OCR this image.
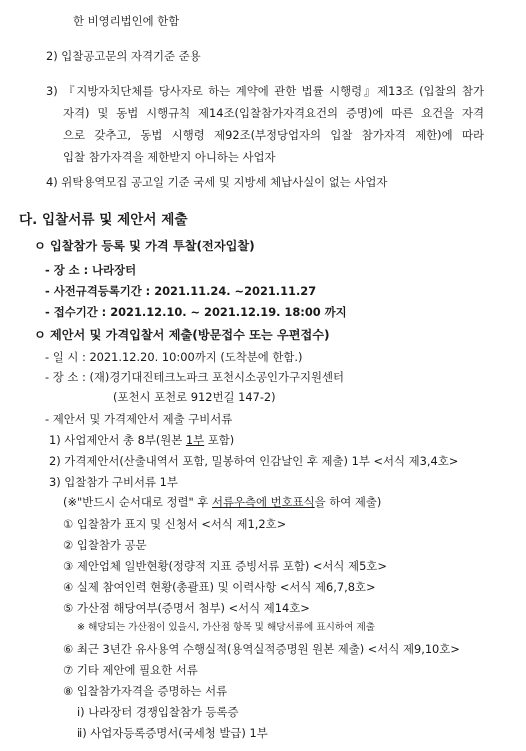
한 비영리법인에 한함
2) 입찰공고문의 자격기준 준용
3) 『지방자치단체를 당사자로 하는 계약에 관한 법률 시행령』제13조 (입찰의 참가
자격) 및 동법 시행규칙 제14조(입찰참가자격요건의 증명)에 따른 요건을 자격
으로 갖추고, 동법 시행령 제92조(부정당업자의 입찰 참가자격 제한)에 따라
입찰 참가자격을 제한받지 아니하는 사업자
4) 위탁용역모집 공고일 기준 국세 및 지방세 체납사실이 없는 사업자
다. 입찰서류 및 제안서 제출
ㅇ 입찰참가 등록 및 가격 투찰(전자입찰)
- 장 소 : 나라장터
- 사전규격등록기간 : 2021.11.24. ~2021.11.27
- 접수기간 : 2021.12.10. ~ 2021.12.19. 18:00 까지
ㅇ 제안서 및 가격입찰서 제출(방문접수 또는 우편접수)
- 일 시 : 2021.12.20. 10:00까지 (도착분에 한함.)
- 장 소 : (재)경기대진테크노파크 포천시소공인가구지원센터
(포천시 포천로 912번길 147-2)
- 제안서 및 가격제안서 제출 구비서류
1) 사업제안서 총 8부(원본 1부 포함)
2) 가격제안서(산출내역서 포함, 밀봉하여 인감날인 후 제출) 1부 <서식 제3,4호>
3) 입찰참가 구비서류 1부
(※"반드시 순서대로 정렬" 후 서류우측에 번호표식을 하여 제출)
① 입찰참가 표지 및 신청서 <서식 제1,2호>
② 입찰참가 공문
③ 제안업체 일반현황(정량적 지표 증빙서류 포함) <서식 제5호>
④ 실제 참여인력 현황(총괄표) 및 이력사항 <서식 제6,7,8호>
⑤ 가산점 해당여부(증명서 첨부) <서식 제14호>
※ 해당되는 가산점이 있을시, 가산점 항목 및 해당서류에 표시하여 제출
⑥ 최근 3년간 유사용역 수행실적(용역실적증명원 원본 제출) <서식 제9,10호>
⑦ 기타 제안에 필요한 서류
⑧ 입찰참가자격을 증명하는 서류
ⅰ) 나라장터 경쟁입찰참가 등록증
ⅱ) 사업자등록증명서(국세청 발급) 1부
